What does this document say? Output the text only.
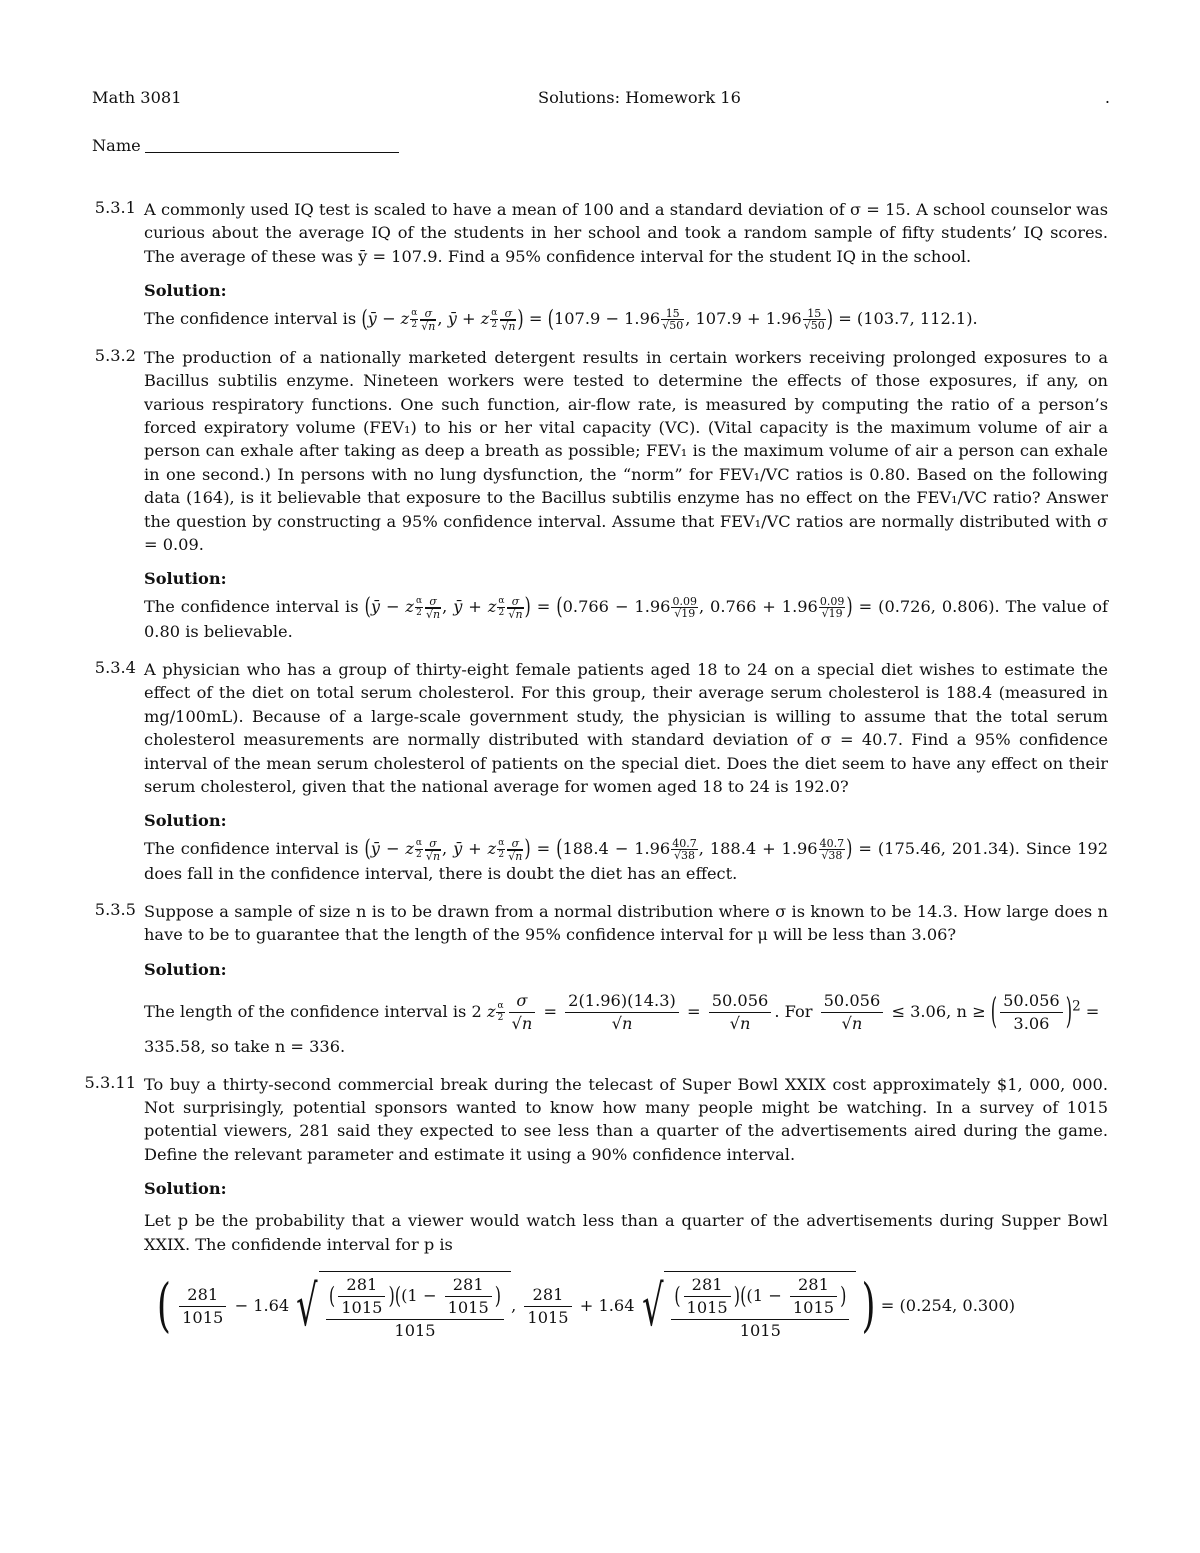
Math 3081	Solutions: Homework 16	.
Name
5.3.1 A commonly used IQ test is scaled to have a mean of 100 and a standard deviation of σ = 15. A school counselor was curious about the average IQ of the students in her school and took a random sample of fifty students’ IQ scores. The average of these was ȳ = 107.9. Find a 95% confidence interval for the student IQ in the school.
Solution:
The confidence interval is (ȳ − z $\frac{\alpha}{2} \frac{\sigma}{√n}$ , ȳ + z $\frac{\alpha}{2} \frac{\sigma}{√n}$ ) = ($107.9 - 1.96 \frac{15}{√50}$ , $107.9 + 1.96 \frac{15}{√50}$ ) = (103.7, 112.1).
5.3.2 The production of a nationally marketed detergent results in certain workers receiving prolonged exposures to a Bacillus subtilis enzyme. Nineteen workers were tested to determine the effects of those exposures, if any, on various respiratory functions. One such function, air-flow rate, is measured by computing the ratio of a person’s forced expiratory volume (FEV₁) to his or her vital capacity (VC). (Vital capacity is the maximum volume of air a person can exhale after taking as deep a breath as possible; FEV₁ is the maximum volume of air a person can exhale in one second.) In persons with no lung dysfunction, the “norm” for FEV₁/VC ratios is 0.80. Based on the following data (164), is it believable that exposure to the Bacillus subtilis enzyme has no effect on the FEV₁/VC ratio? Answer the question by constructing a 95% confidence interval. Assume that FEV₁/VC ratios are normally distributed with σ = 0.09.
Solution:
The confidence interval is (ȳ − z $\frac{\alpha}{2} \frac{\sigma}{√n}$ , ȳ + z $\frac{\alpha}{2} \frac{\sigma}{√n}$ ) = ($0.766 - 1.96 \frac{0.09}{√19}$ , $0.766 + 1.96 \frac{0.09}{√19}$ ) = (0.726, 0.806). The value of 0.80 is believable.
5.3.4 A physician who has a group of thirty-eight female patients aged 18 to 24 on a special diet wishes to estimate the effect of the diet on total serum cholesterol. For this group, their average serum cholesterol is 188.4 (measured in mg/100mL). Because of a large-scale government study, the physician is willing to assume that the total serum cholesterol measurements are normally distributed with standard deviation of σ = 40.7. Find a 95% confidence interval of the mean serum cholesterol of patients on the special diet. Does the diet seem to have any effect on their serum cholesterol, given that the national average for women aged 18 to 24 is 192.0?
Solution:
The confidence interval is (ȳ − z $\frac{\alpha}{2} \frac{\sigma}{√n}$ , ȳ + z $\frac{\alpha}{2} \frac{\sigma}{√n}$ ) = ($188.4 - 1.96 \frac{40.7}{√38}$ , $188.4 + 1.96 \frac{40.7}{√38}$ ) = (175.46, 201.34). Since 192 does fall in the confidence interval, there is doubt the diet has an effect.
5.3.5 Suppose a sample of size n is to be drawn from a normal distribution where σ is known to be 14.3. How large does n have to be to guarantee that the length of the 95% confidence interval for μ will be less than 3.06?
Solution:
The length of the confidence interval is 2 z $\frac{\alpha}{2} \frac{\sigma}{√n} = \frac{2(1.96)(14.3)}{√n} = \frac{50.056}{√n}$ . For $\frac{50.056}{√n} \le 3.06$, n ≥ ( $\frac{50.056}{3.06} )^2$ =
335.58, so take n = 336.
5.3.11 To buy a thirty-second commercial break during the telecast of Super Bowl XXIX cost approximately $1, 000, 000. Not surprisingly, potential sponsors wanted to know how many people might be watching. In a survey of 1015 potential viewers, 281 said they expected to see less than a quarter of the advertisements aired during the game. Define the relevant parameter and estimate it using a 90% confidence interval.
Solution:
Let p be the probability that a viewer would watch less than a quarter of the advertisements during Supper Bowl XXIX. The confidende interval for p is
( $\frac{281}{1015} - 1.64$ √ $\frac{( \frac{281}{1015} )((1 - \frac{281}{1015} )}{1015}$ , $\frac{281}{1015} + 1.64$ √ $\frac{( \frac{281}{1015} )((1 - \frac{281}{1015} )}{1015}$ ) = (0.254, 0.300)
